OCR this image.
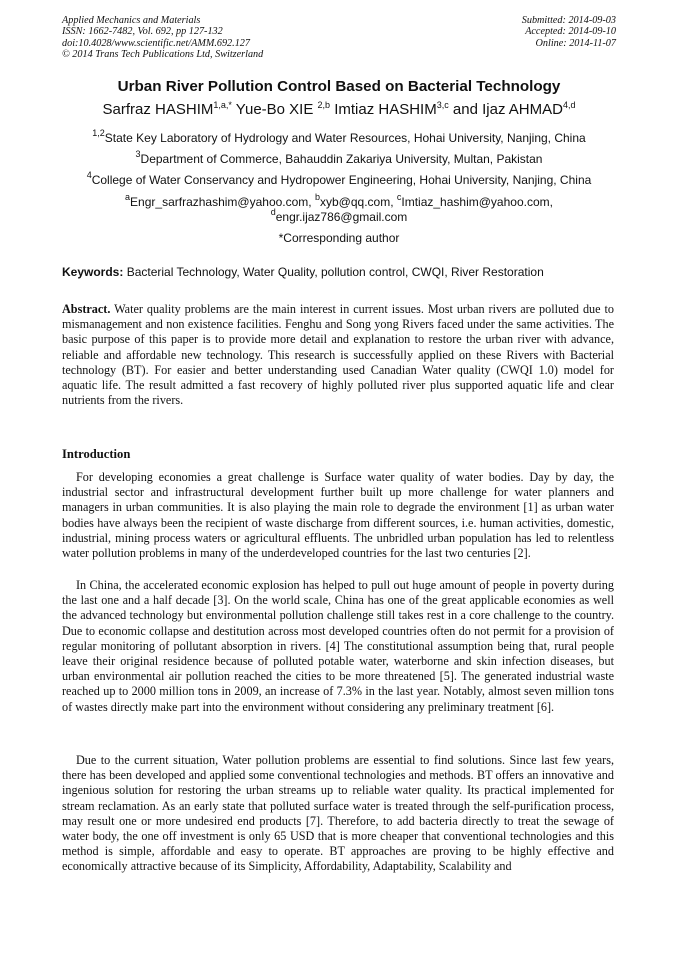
Applied Mechanics and Materials
ISSN: 1662-7482, Vol. 692, pp 127-132
doi:10.4028/www.scientific.net/AMM.692.127
© 2014 Trans Tech Publications Ltd, Switzerland
Submitted: 2014-09-03
Accepted: 2014-09-10
Online: 2014-11-07
Urban River Pollution Control Based on Bacterial Technology
Sarfraz $HASHIM^{1,a,*}$ Yue-Bo XIE $^{2,b}$ Imtiaz HASHIM$^{3,c}$ and Ijaz AHMAD$^{4,d}$
$^{1,2}$State Key Laboratory of Hydrology and Water Resources, Hohai University, Nanjing, China
$^3$Department of Commerce, Bahauddin Zakariya University, Multan, Pakistan
$^4$College of Water Conservancy and Hydropower Engineering, Hohai University, Nanjing, China
$^a$Engr_sarfrazhashim@yahoo.com, $^b$xyb@qq.com, $^c$Imtiaz_hashim@yahoo.com,
$^d$engr.ijaz786@gmail.com
*Corresponding author
Keywords: Bacterial Technology, Water Quality, pollution control, CWQI, River Restoration
Abstract. Water quality problems are the main interest in current issues. Most urban rivers are polluted due to mismanagement and non existence facilities. Fenghu and Song yong Rivers faced under the same activities. The basic purpose of this paper is to provide more detail and explanation to restore the urban river with advance, reliable and affordable new technology. This research is successfully applied on these Rivers with Bacterial technology (BT). For easier and better understanding used Canadian Water quality (CWQI 1.0) model for aquatic life. The result admitted a fast recovery of highly polluted river plus supported aquatic life and clear nutrients from the rivers.
Introduction
For developing economies a great challenge is Surface water quality of water bodies. Day by day, the industrial sector and infrastructural development further built up more challenge for water planners and managers in urban communities. It is also playing the main role to degrade the environment [1] as urban water bodies have always been the recipient of waste discharge from different sources, i.e. human activities, domestic, industrial, mining process waters or agricultural effluents. The unbridled urban population has led to relentless water pollution problems in many of the underdeveloped countries for the last two centuries [2].
In China, the accelerated economic explosion has helped to pull out huge amount of people in poverty during the last one and a half decade [3]. On the world scale, China has one of the great applicable economies as well the advanced technology but environmental pollution challenge still takes rest in a core challenge to the country. Due to economic collapse and destitution across most developed countries often do not permit for a provision of regular monitoring of pollutant absorption in rivers. [4] The constitutional assumption being that, rural people leave their original residence because of polluted potable water, waterborne and skin infection diseases, but urban environmental air pollution reached the cities to be more threatened [5]. The generated industrial waste reached up to 2000 million tons in 2009, an increase of 7.3% in the last year. Notably, almost seven million tons of wastes directly make part into the environment without considering any preliminary treatment [6].
Due to the current situation, Water pollution problems are essential to find solutions. Since last few years, there has been developed and applied some conventional technologies and methods. BT offers an innovative and ingenious solution for restoring the urban streams up to reliable water quality. Its practical implemented for stream reclamation. As an early state that polluted surface water is treated through the self-purification process, may result one or more undesired end products [7]. Therefore, to add bacteria directly to treat the sewage of water body, the one off investment is only 65 USD that is more cheaper that conventional technologies and this method is simple, affordable and easy to operate. BT approaches are proving to be highly effective and economically attractive because of its Simplicity, Affordability, Adaptability, Scalability and
